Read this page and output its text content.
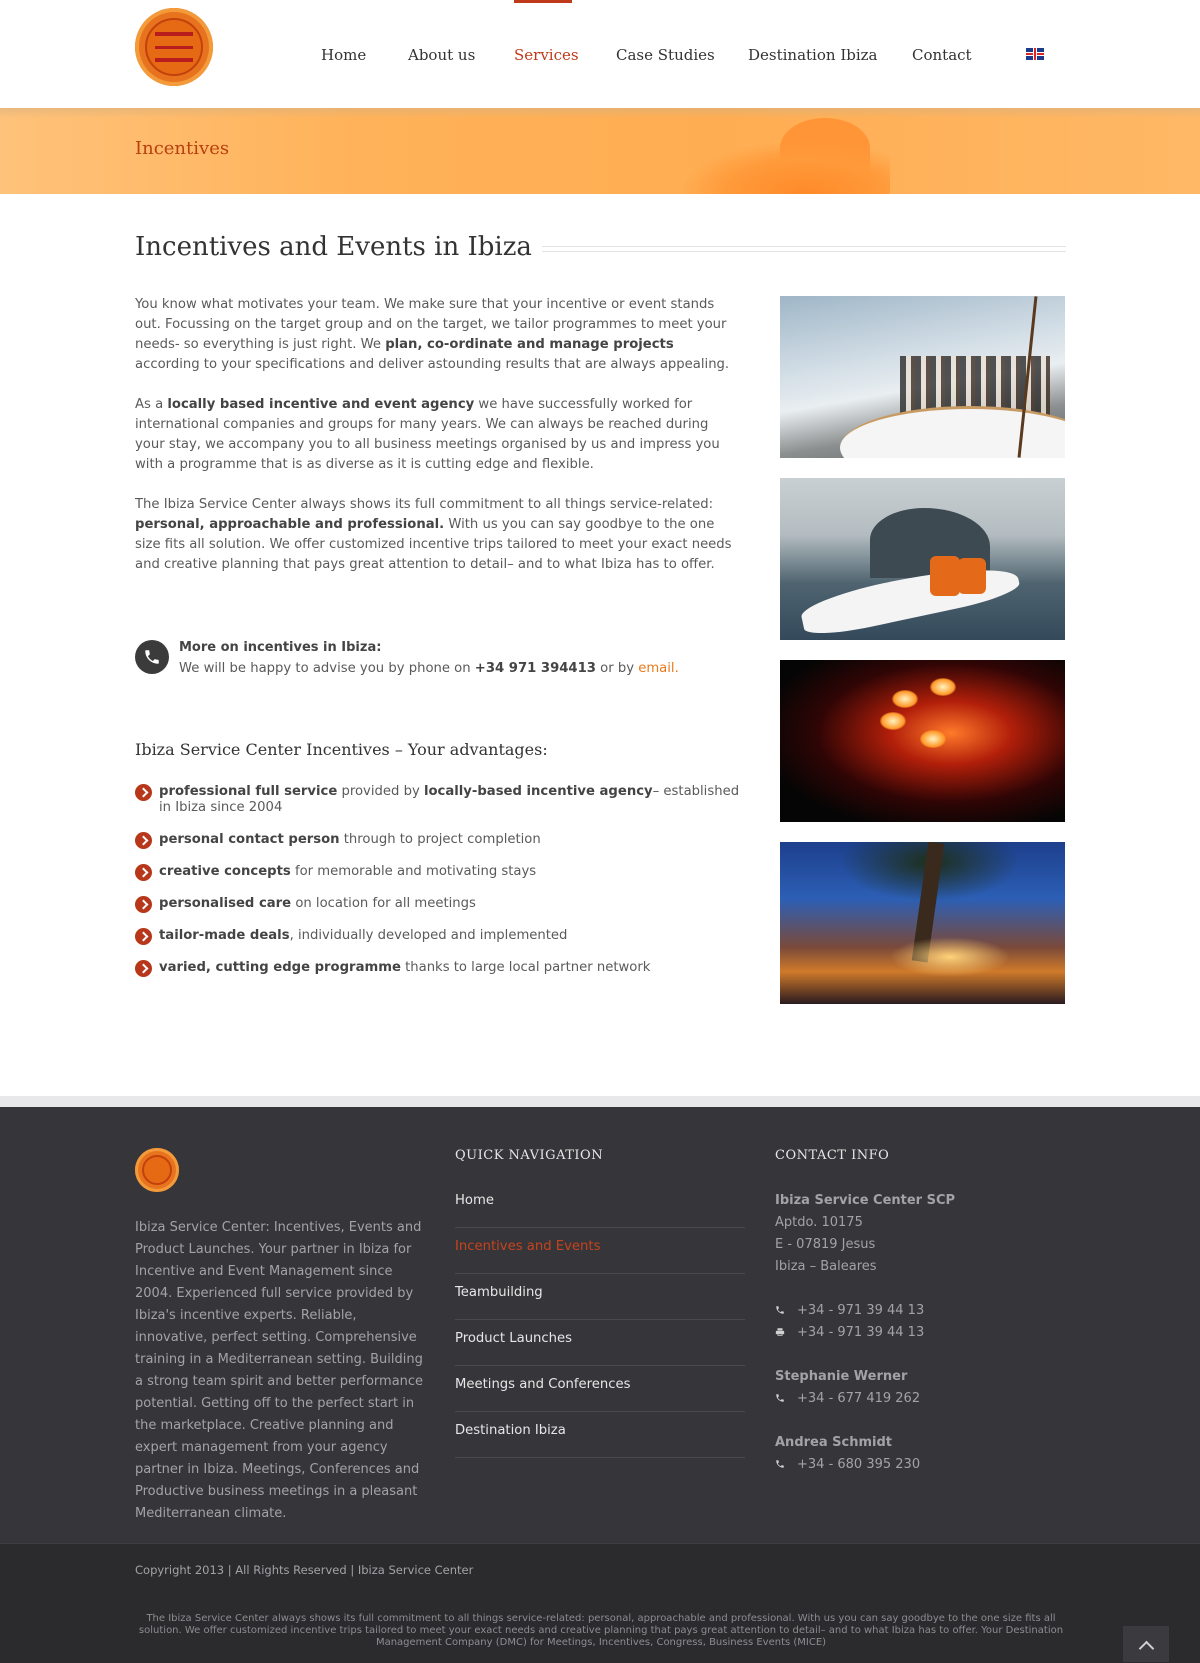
Home	About us	Services Case Studies Destination Ibiza Contact
Incentives
Incentives and Events in Ibiza

You know what motivates your team. We make sure that your incentive or event stands out. Focussing on the target group and on the target, we tailor programmes to meet your needs- so everything is just right. We plan, co-ordinate and manage projects according to your specifications and deliver astounding results that are always appealing.

As a locally based incentive and event agency we have successfully worked for international companies and groups for many years. We can always be reached during your stay, we accompany you to all business meetings organised by us and impress you with a programme that is as diverse as it is cutting edge and flexible.

The Ibiza Service Center always shows its full commitment to all things service-related: personal, approachable and professional. With us you can say goodbye to the one size fits all solution. We offer customized incentive trips tailored to meet your exact needs and creative planning that pays great attention to detail– and to what Ibiza has to offer.

More on incentives in Ibiza:
We will be happy to advise you by phone on +34 971 394413 or by email.
Ibiza Service Center Incentives – Your advantages:
professional full service provided by locally-based incentive agency– established in Ibiza since 2004
personal contact person through to project completion
creative concepts for memorable and motivating stays
personalised care on location for all meetings
tailor-made deals, individually developed and implemented
varied, cutting edge programme thanks to large local partner network

Ibiza Service Center: Incentives, Events and Product Launches. Your partner in Ibiza for Incentive and Event Management since 2004. Experienced full service provided by Ibiza's incentive experts. Reliable, innovative, perfect setting. Comprehensive training in a Mediterranean setting. Building a strong team spirit and better performance potential. Getting off to the perfect start in the marketplace. Creative planning and expert management from your agency partner in Ibiza. Meetings, Conferences and Productive business meetings in a pleasant Mediterranean climate.

QUICK NAVIGATION
Home
Incentives and Events
Teambuilding
Product Launches
Meetings and Conferences
Destination Ibiza
CONTACT INFO
Ibiza Service Center SCP
Aptdo. 10175
E - 07819 Jesus
Ibiza – Baleares
+34 - 971 39 44 13
+34 - 971 39 44 13
Stephanie Werner
+34 - 677 419 262
Andrea Schmidt
+34 - 680 395 230
Copyright 2013 | All Rights Reserved | Ibiza Service Center

The Ibiza Service Center always shows its full commitment to all things service-related: personal, approachable and professional. With us you can say goodbye to the one size fits all solution. We offer customized incentive trips tailored to meet your exact needs and creative planning that pays great attention to detail– and to what Ibiza has to offer. Your Destination Management Company (DMC) for Meetings, Incentives, Congress, Business Events (MICE)
